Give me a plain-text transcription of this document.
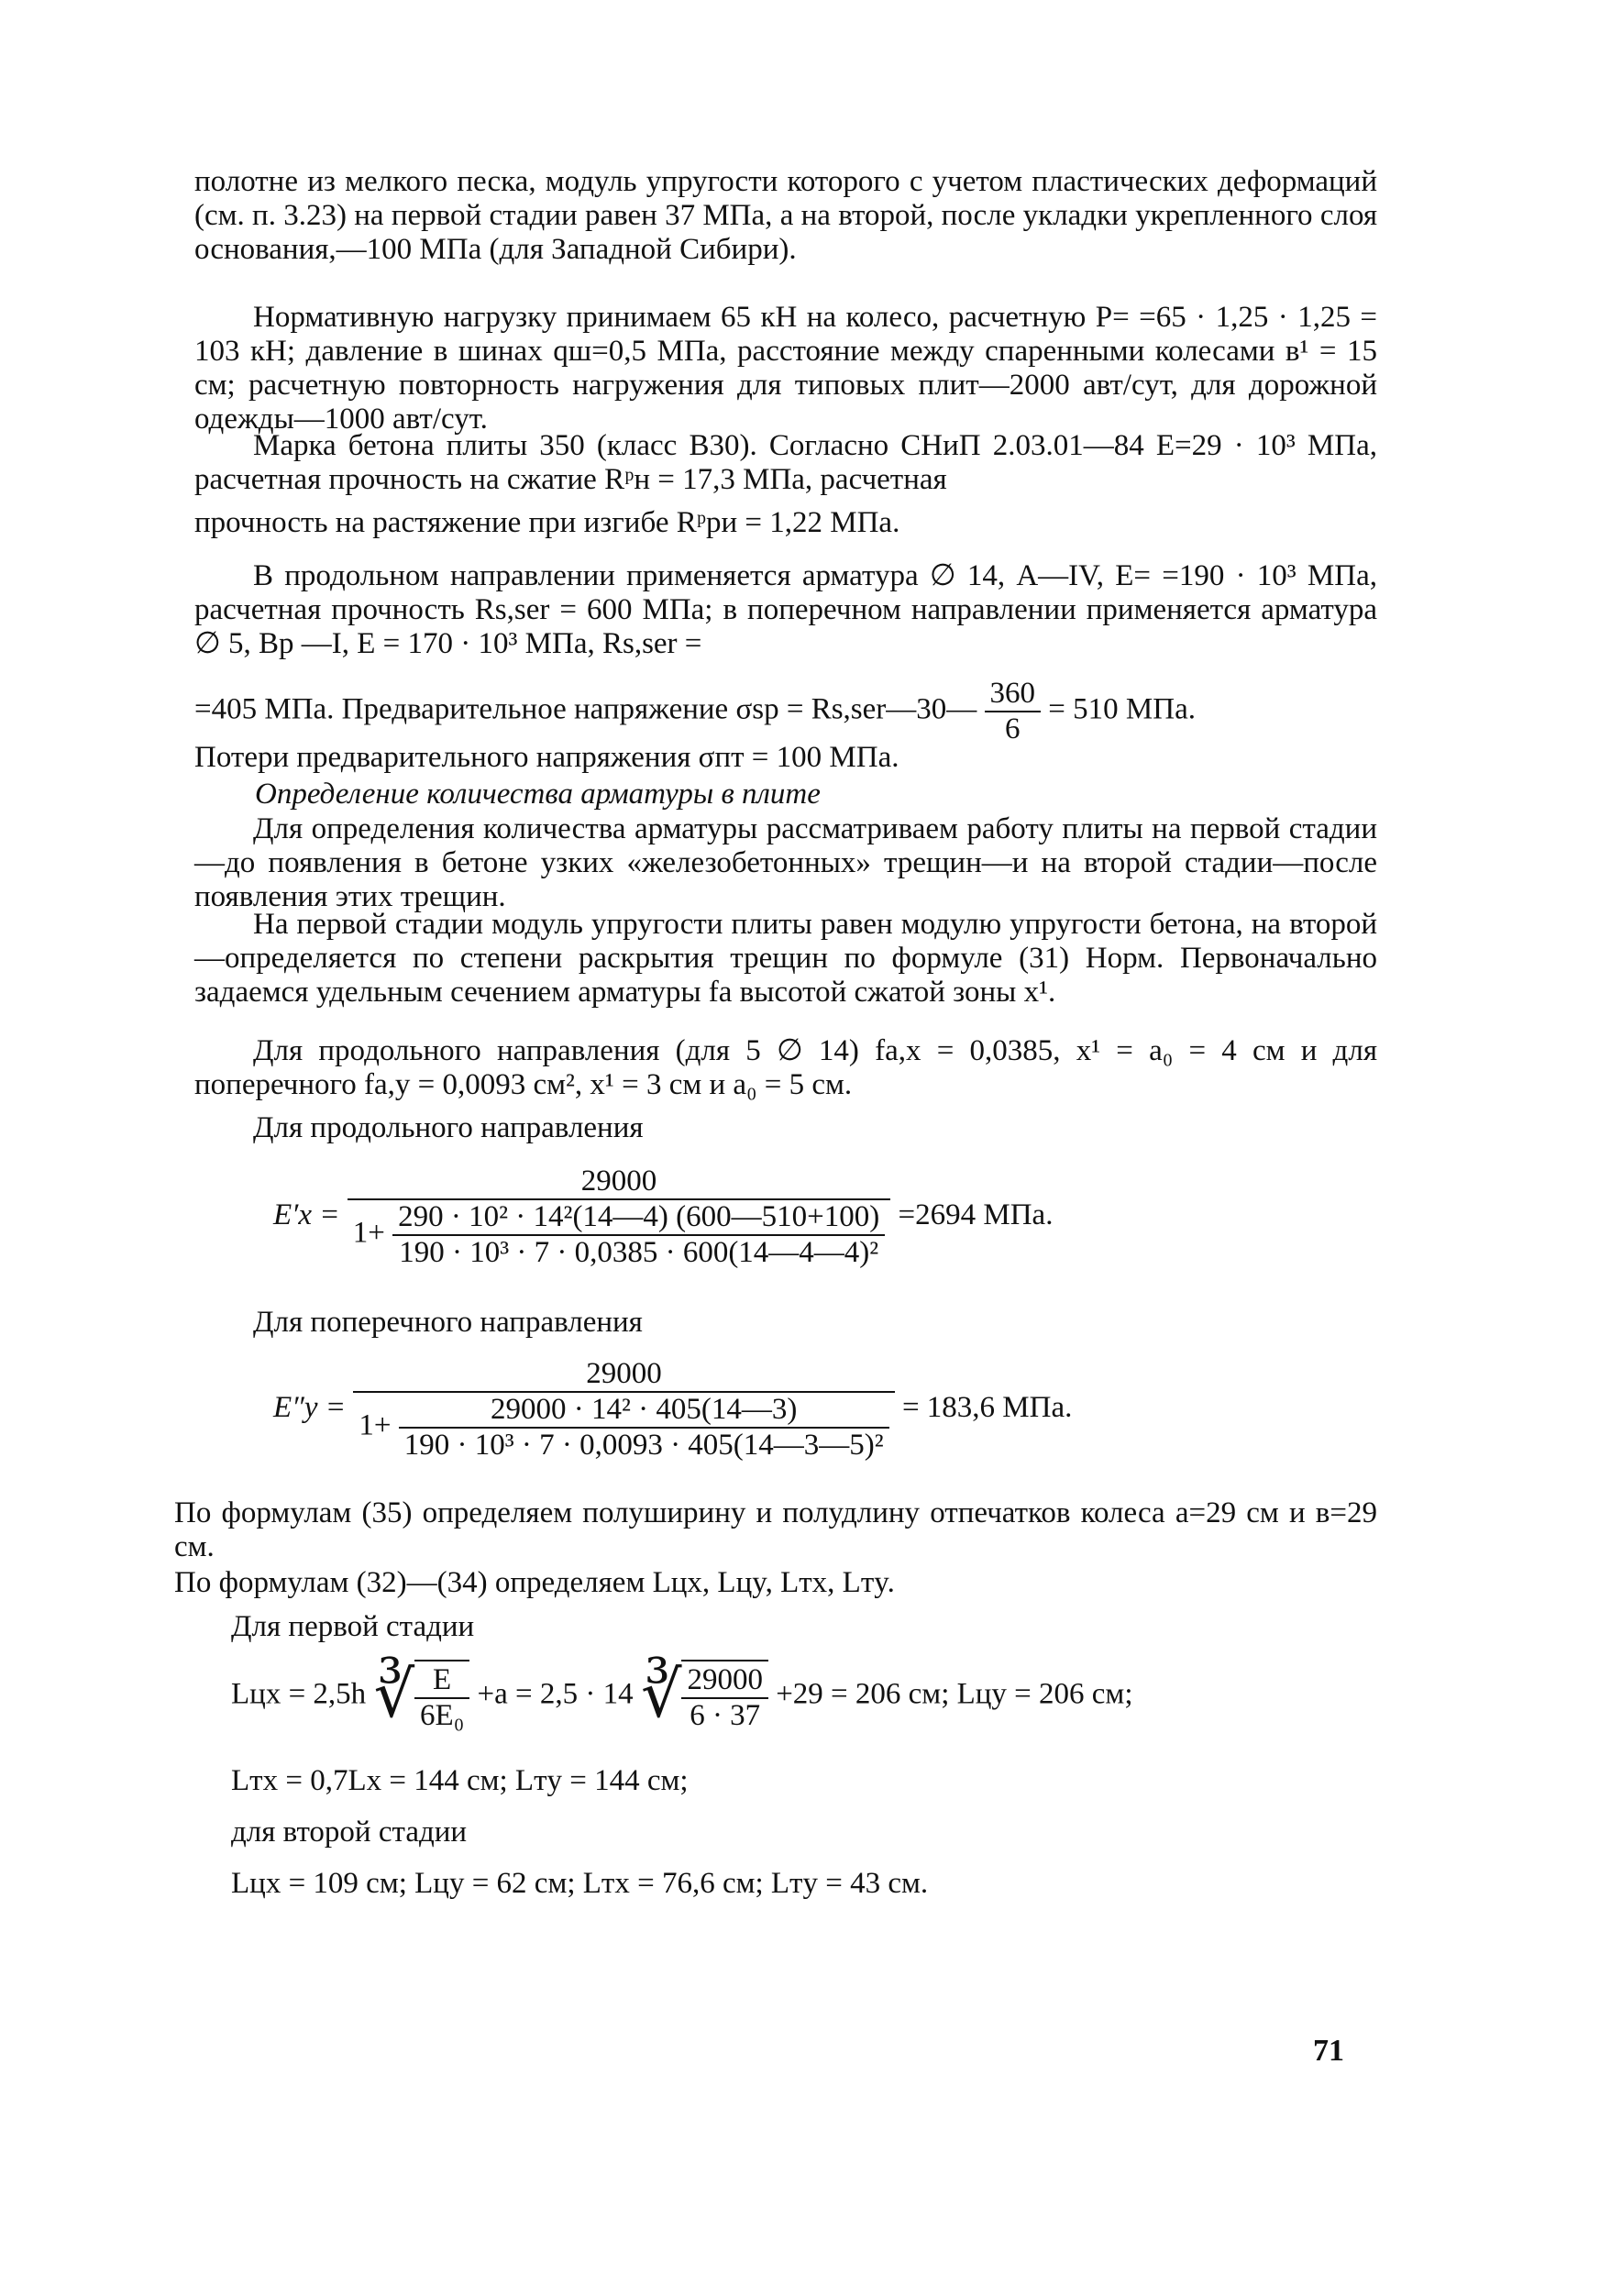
полотне из мелкого песка, модуль упругости которого с учетом пластических деформаций (см. п. 3.23) на первой стадии равен 37 МПа, а на второй, после укладки укрепленного слоя основания,—100 МПа (для Западной Сибири).

Нормативную нагрузку принимаем 65 кН на колесо, расчетную P= =65 · 1,25 · 1,25 = 103 кН; давление в шинах qш=0,5 МПа, расстояние между спаренными колесами в¹ = 15 см; расчетную повторность нагружения для типовых плит—2000 авт/сут, для дорожной одежды—1000 авт/сут.

Марка бетона плиты 350 (класс В30). Согласно СНиП 2.03.01—84 E=29 · 10³ МПа, расчетная прочность на сжатие Rᵖн = 17,3 МПа, расчетная

прочность на растяжение при изгибе Rᵖри = 1,22 МПа.

В продольном направлении применяется арматура ∅ 14, А—IV, E= =190 · 10³ МПа, расчетная прочность Rs,ser = 600 МПа; в поперечном направлении применяется арматура ∅ 5, Вр —I, E = 170 · 10³ МПа, Rs,ser =

=405 МПа. Предварительное напряжение σsp = Rs,ser—30— $\frac{360}{6} = 510$ МПа.
Потери предварительного напряжения σпт = 100 МПа.
Определение количества арматуры в плите

Для определения количества арматуры рассматриваем работу плиты на первой стадии—до появления в бетоне узких «железобетонных» трещин—и на второй стадии—после появления этих трещин.

На первой стадии модуль упругости плиты равен модулю упругости бетона, на второй—определяется по степени раскрытия трещин по формуле (31) Норм. Первоначально задаемся удельным сечением арматуры fа высотой сжатой зоны x¹.

Для продольного направления (для 5 ∅ 14) fа,x = 0,0385, x¹ = a₀ = 4 см и для поперечного fа,y = 0,0093 см², x¹ = 3 см и a₀ = 5 см.

Для продольного направления
E′x =
29000
$1+ \frac{\text{290 · 10² · 14²(14—4) (600—510+100)}}{\text{190 · 10³ · 7 · 0,0385 · 600(14—4—4)²}} =2694$ МПа.
Для поперечного направления
E″y =
29000
$1+ \frac{\text{29000 · 14² · 405(14—3)}}{\text{190 · 10³ · 7 · 0,0093 · 405(14—3—5)²}} = 183,6$ МПа.

По формулам (35) определяем полуширину и полудлину отпечатков колеса a=29 см и в=29 см.

По формулам (32)—(34) определяем Lцx, Lцy, Lтx, Lтy.
Для первой стадии
Lцx = 2,5h ∛ $\frac{E}{\text{6E₀}} +a = 2,5 \cdot 14$ ∛ $\frac{29000}{6 \cdot 37} +29 = 206$ см; Lцy = 206 см;
Lтx = 0,7Lx = 144 см; Lтy = 144 см;
для второй стадии
Lцx = 109 см; Lцy = 62 см; Lтx = 76,6 см; Lтy = 43 см.
71
